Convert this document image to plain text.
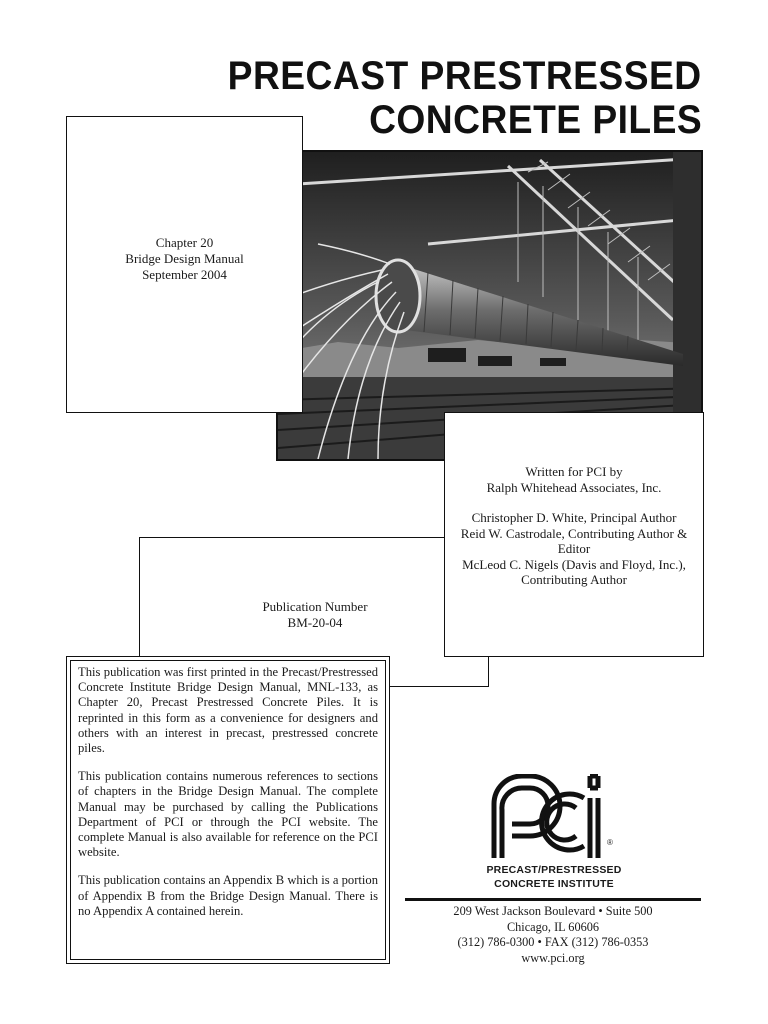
PRECAST PRESTRESSED
CONCRETE PILES
Chapter 20
Bridge Design Manual
September 2004
Publication Number
BM-20-04
Written for PCI by
Ralph Whitehead Associates, Inc.
Christopher D. White, Principal Author
Reid W. Castrodale, Contributing Author & Editor
McLeod C. Nigels (Davis and Floyd, Inc.), Contributing Author

This publication was first printed in the Precast/Prestressed Concrete Institute Bridge Design Manual, MNL-133, as Chapter 20, Precast Prestressed Concrete Piles. It is reprinted in this form as a convenience for designers and others with an interest in precast, prestressed concrete piles.

This publication contains numerous references to sections of chapters in the Bridge Design Manual. The complete Manual may be purchased by calling the Publications Department of PCI or through the PCI website. The complete Manual is also available for reference on the PCI website.

This publication contains an Appendix B which is a portion of Appendix B from the Bridge Design Manual. There is no Appendix A contained herein.

®
PRECAST/PRESTRESSED
CONCRETE INSTITUTE
209 West Jackson Boulevard • Suite 500
Chicago, IL 60606
(312) 786-0300 • FAX (312) 786-0353
www.pci.org
